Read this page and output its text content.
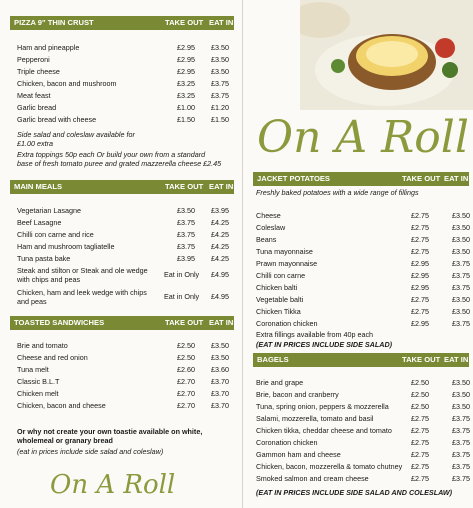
PIZZA 9" THIN CRUST	TAKE OUT EAT IN
Ham and pineapple	£2.95	£3.50
Pepperoni	£2.95	£3.50
Triple cheese	£2.95	£3.50
Chicken, bacon and mushroom	£3.25	£3.75
Meat feast	£3.25	£3.75
Garlic bread	£1.00	£1.20
Garlic bread with cheese	£1.50	£1.50
Side salad and coleslaw available for
£1.00 extra
Extra toppings 50p each Or build your own from a standard
base of fresh tomato puree and grated mazzerella cheese £2.45
MAIN MEALS	TAKE OUT EAT IN
Vegetarian Lasagne	£3.50	£3.95
Beef Lasagne	£3.75	£4.25
Chilli con carne and rice	£3.75	£4.25
Ham and mushroom tagliatelle	£3.75	£4.25
Tuna pasta bake	£3.95	£4.25
Steak and stilton or Steak and ole wedge
with chips and peas
Eat in Only	£4.95
Chicken, ham and leek wedge with chips
and peas
Eat in Only	£4.95
TOASTED SANDWICHES	TAKE OUT EAT IN
Brie and tomato	£2.50	£3.50
Cheese and red onion	£2.50	£3.50
Tuna melt	£2.60	£3.60
Classic B.L.T	£2.70	£3.70
Chicken melt	£2.70	£3.70
Chicken, bacon and cheese	£2.70	£3.70
Or why not create your own toastie available on white,
wholemeal or granary bread
(eat in prices include side salad and coleslaw)
On A Roll
On A Roll
JACKET POTATOES	TAKE OUT EAT IN
Freshly baked potatoes with a wide range of fillings
Cheese	£2.75	£3.50
Coleslaw	£2.75	£3.50
Beans	£2.75	£3.50
Tuna mayonnaise	£2.75	£3.50
Prawn mayonnaise	£2.95	£3.75
Chilli con carne	£2.95	£3.75
Chicken balti	£2.95	£3.75
Vegetable balti	£2.75	£3.50
Chicken Tikka	£2.75	£3.50
Coronation chicken	£2.95	£3.75
Extra fillings available from 40p each
(EAT IN PRICES INCLUDE SIDE SALAD)
BAGELS	TAKE OUT EAT IN
Brie and grape	£2.50	£3.50
Brie, bacon and cranberry	£2.50	£3.50
Tuna, spring onion, peppers & mozzerella	£2.50	£3.50
Salami, mozzerella, tomato and basil	£2.75	£3.75
Chicken tikka, cheddar cheese and tomato	£2.75	£3.75
Coronation chicken	£2.75	£3.75
Gammon ham and cheese	£2.75	£3.75
Chicken, bacon, mozzerella & tomato chutney	£2.75	£3.75
Smoked salmon and cream cheese	£2.75	£3.75
(EAT IN PRICES INCLUDE SIDE SALAD AND COLESLAW)
